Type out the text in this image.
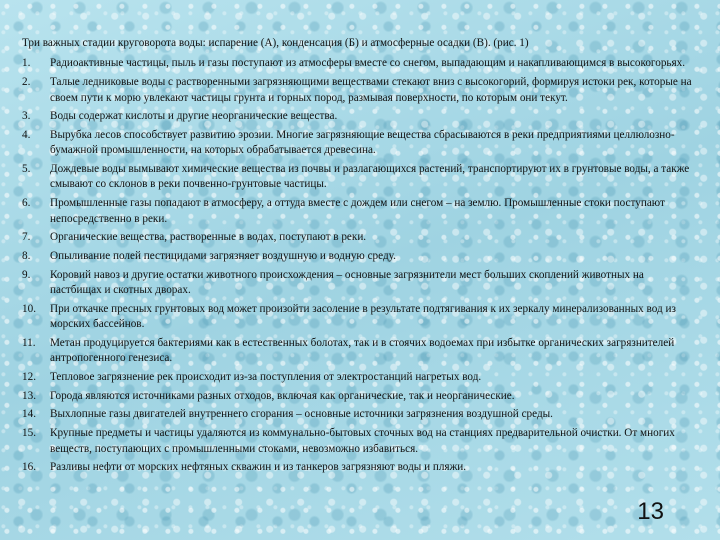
Три важных стадии круговорота воды: испарение (А), конденсация (Б) и атмосферные осадки (В). (рис. 1)

1.	Радиоактивные частицы, пыль и газы поступают из атмосферы вместе со снегом, выпадающим и накапливающимся в высокогорьях.
2.	Талые ледниковые воды с растворенными загрязняющими веществами стекают вниз с высокогорий, формируя истоки рек, которые на своем пути к морю увлекают частицы грунта и горных пород, размывая поверхности, по которым они текут.
3.	Воды содержат кислоты и другие неорганические вещества.
4.	Вырубка лесов способствует развитию эрозии. Многие загрязняющие вещества сбрасываются в реки предприятиями целлюлозно-бумажной промышленности, на которых обрабатывается древесина.
5.	Дождевые воды вымывают химические вещества из почвы и разлагающихся растений, транспортируют их в грунтовые воды, а также смывают со склонов в реки почвенно-грунтовые частицы.
6.	Промышленные газы попадают в атмосферу, а оттуда вместе с дождем или снегом – на землю. Промышленные стоки поступают непосредственно в реки.
7.	Органические вещества, растворенные в водах, поступают в реки.
8.	Опыливание полей пестицидами загрязняет воздушную и водную среду.
9.	Коровий навоз и другие остатки животного происхождения – основные загрязнители мест больших скоплений животных на пастбищах и скотных дворах.
10.	При откачке пресных грунтовых вод может произойти засоление в результате подтягивания к их зеркалу минерализованных вод из морских бассейнов.
11.	Метан продуцируется бактериями как в естественных болотах, так и в стоячих водоемах при избытке органических загрязнителей антропогенного генезиса.
12.	Тепловое загрязнение рек происходит из-за поступления от электростанций нагретых вод.
13.	Города являются источниками разных отходов, включая как органические, так и неорганические.
14.	Выхлопные газы двигателей внутреннего сгорания – основные источники загрязнения воздушной среды.
15.	Крупные предметы и частицы удаляются из коммунально-бытовых сточных вод на станциях предварительной очистки. От многих веществ, поступающих с промышленными стоками, невозможно избавиться.
16.	Разливы нефти от морских нефтяных скважин и из танкеров загрязняют воды и пляжи.
13
